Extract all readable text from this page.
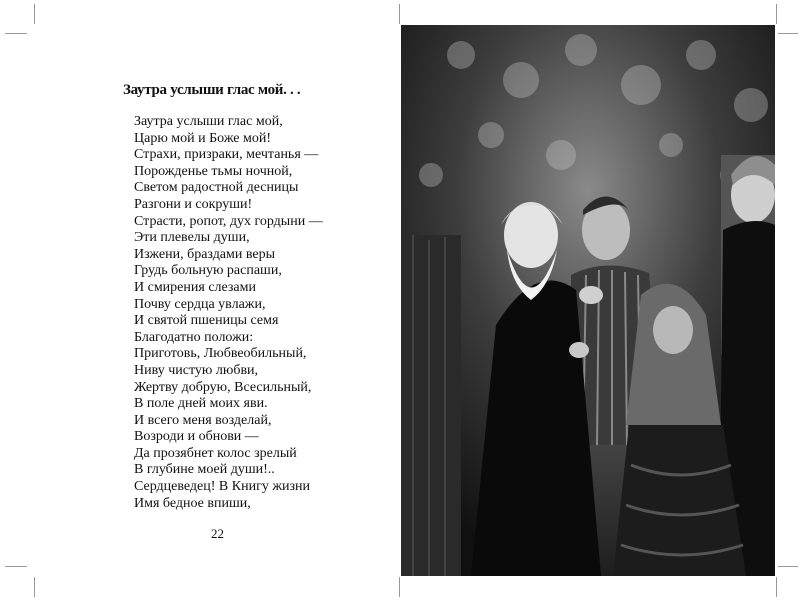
Заутра услыши глас мой. . .
Заутра услыши глас мой,
Царю мой и Боже мой!
Страхи, призраки, мечтанья —
Порожденье тьмы ночной,
Светом радостной десницы
Разгони и сокруши!
Страсти, ропот, дух гордыни —
Эти плевелы души,
Изжени, браздами веры
Грудь больную распаши,
И смирения слезами
Почву сердца увлажи,
И святой пшеницы семя
Благодатно положи:
Приготовь, Любвеобильный,
Ниву чистую любви,
Жертву добрую, Всесильный,
В поле дней моих яви.
И всего меня возделай,
Возроди и обнови —
Да прозябнет колос зрелый
В глубине моей души!..
Сердцеведец! В Книгу жизни
Имя бедное впиши,
22
